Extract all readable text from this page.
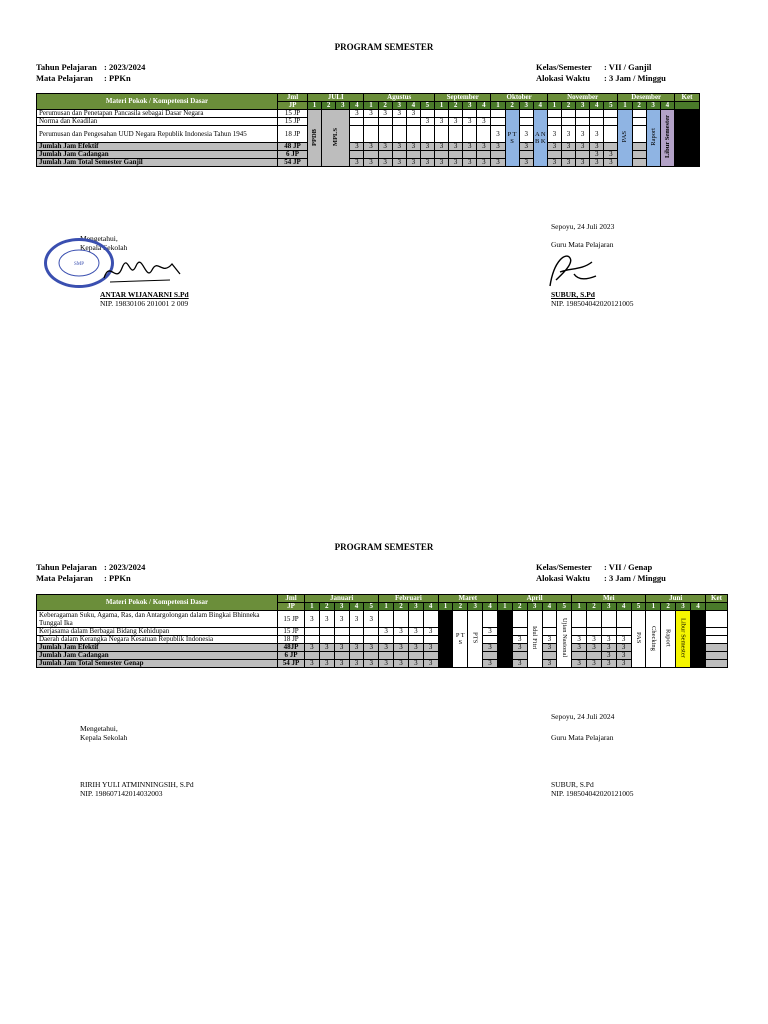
PROGRAM SEMESTER
Tahun Pelajaran : 2023/2024
Mata Pelajaran : PPKn
Kelas/Semester : VII / Ganjil
Alokasi Waktu : 3 Jam / Minggu
Materi Pokok / Kompetensi Dasar	Jml	JULI				Agustus					September				Oktober				November					Desember				Ket
	JP	1	2	3	4	1	2	3	4	5	1	2	3	4	1	2	3	4	1	2	3	4	5	1	2	3	4	
Perumusan dan Penetapan Pancasila sebagai Dasar Negara	15 JP	PPDB	MPLS		3	3	3	3	3							P T S		A N B K						PAS		Raport	Libur Semester	
Norma dan Keadilan	15 JP									3	3	3	3	3														
Perumusan dan Pengesahan UUD Negara Republik Indonesia Tahun 1945	18 JP														3		3		3	3	3	3						
Jumlah Jam Efektif	48 JP				3	3	3	3	3	3	3	3	3	3	3		3		3	3	3	3						
Jumlah Jam Cadangan	6 JP																					3	3					
Jumlah Jam Total Semester Ganjil	54 JP				3	3	3	3	3	3	3	3	3	3	3		3		3	3	3	3	3					
Mengetahui,
Kepala Sekolah
SMP
ANTAR WIJANARNI S.Pd
NIP. 19830106 201001 2 009
Sepoyu, 24 Juli 2023
Guru Mata Pelajaran
SUBUR, S.Pd
NIP. 198504042020121005
PROGRAM SEMESTER
Tahun Pelajaran : 2023/2024
Mata Pelajaran : PPKn
Kelas/Semester : VII / Genap
Alokasi Waktu : 3 Jam / Minggu
Materi Pokok / Kompetensi Dasar	Jml	Januari					Februari				Maret				April					Mei					Juni				Ket
	JP	1	2	3	4	5	1	2	3	4	1	2	3	4	1	2	3	4	5	1	2	3	4	5	1	2	3	4	
Keberagaman Suku, Agama, Ras, dan Antargolongan dalam Bingkai Bhinneka Tunggal Ika	15 JP	3	3	3	3	3						P T S	PTS				Idul Fitri		Ujian Nasional					PAS	Checking	Raport	Libur Semester		
Kerjasama dalam Berbagai Bidang Kehidupan	15 JP						3	3	3	3				3															
Daerah dalam Kerangka Negara Kesatuan Republik Indonesia	18 JP															3		3		3	3	3	3						
Jumlah Jam Efektif	48JP	3	3	3	3	3	3	3	3	3				3		3		3		3	3	3	3						
Jumlah Jam Cadangan	6 JP																					3	3						
Jumlah Jam Total Semester Genap	54 JP	3	3	3	3	3	3	3	3	3				3		3		3		3	3	3	3						
Mengetahui,
Kepala Sekolah
RIRIH YULI ATMINNINGSIH, S.Pd
NIP. 198607142014032003
Sepoyu, 24 Juli 2024
Guru Mata Pelajaran
SUBUR, S.Pd
NIP. 198504042020121005
